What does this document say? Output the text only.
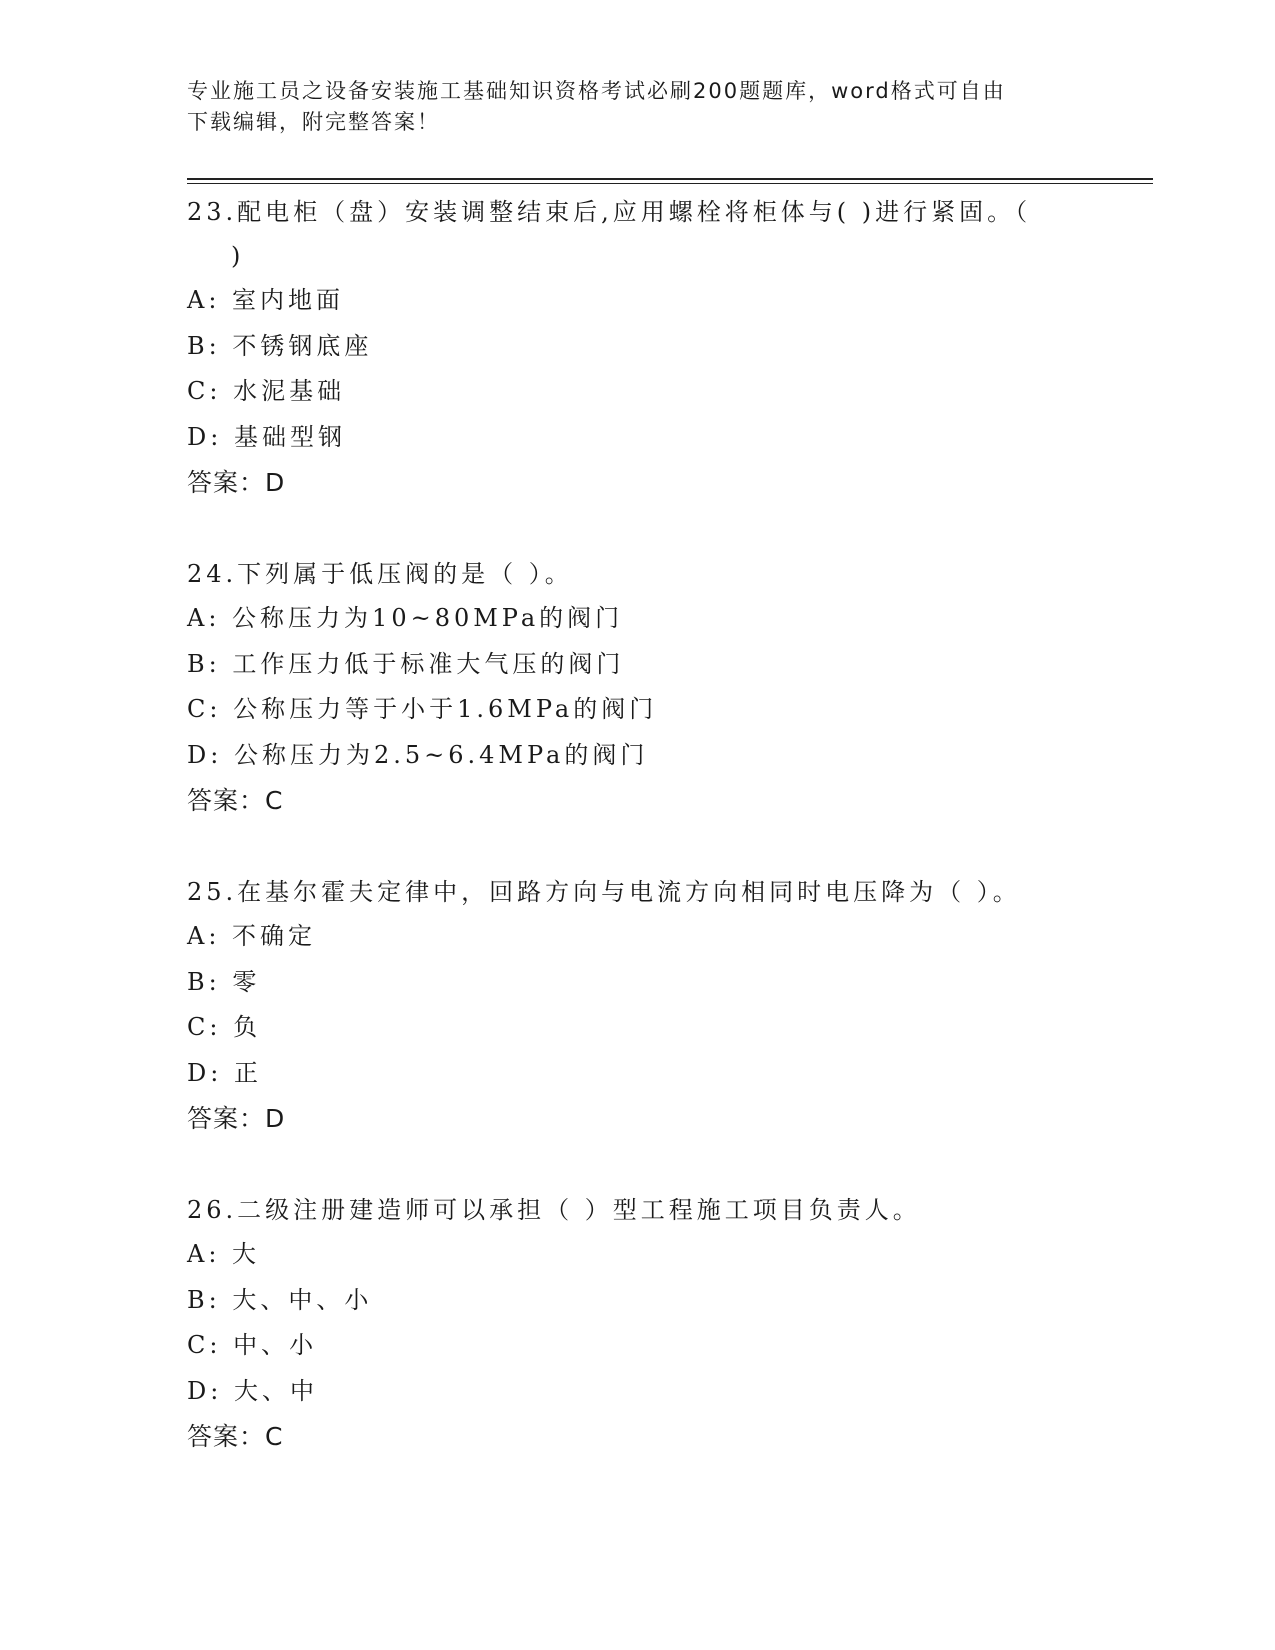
专业施工员之设备安装施工基础知识资格考试必刷200题题库，word格式可自由
下载编辑，附完整答案！

23.配电柜（盘）安装调整结束后,应用螺栓将柜体与( )进行紧固。（
)

A: 室内地面

B: 不锈钢底座

C: 水泥基础

D: 基础型钢

答案：D

24.下列属于低压阀的是（ ）。

A: 公称压力为10~80MPa的阀门

B: 工作压力低于标准大气压的阀门

C: 公称压力等于小于1.6MPa的阀门

D: 公称压力为2.5~6.4MPa的阀门

答案：C

25.在基尔霍夫定律中，回路方向与电流方向相同时电压降为（ ）。

A: 不确定

B: 零

C: 负

D: 正

答案：D

26.二级注册建造师可以承担（ ）型工程施工项目负责人。

A: 大

B: 大、中、小

C: 中、小

D: 大、中

答案：C
